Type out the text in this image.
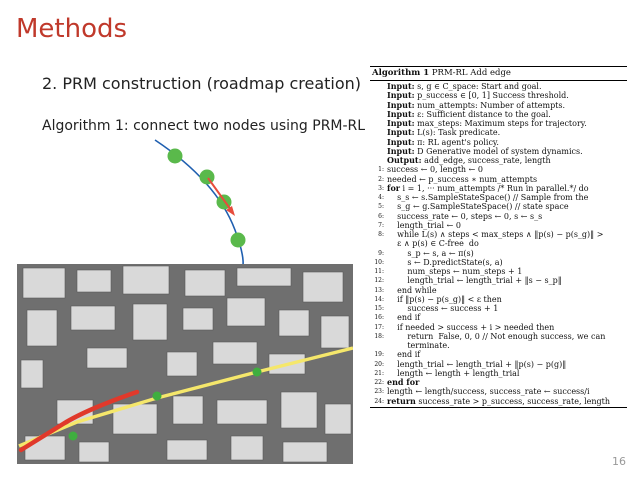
Methods
2. PRM construction (roadmap creation)
Algorithm 1: connect two nodes using PRM-RL
Algorithm 1 PRM-RL Add edge
Input: s, g ∈ C_space: Start and goal.
Input: p_success ∈ [0, 1] Success threshold.
Input: num_attempts: Number of attempts.
Input: ε: Sufficient distance to the goal.
Input: max_steps: Maximum steps for trajectory.
Input: L(s): Task predicate.
Input: π: RL agent's policy.
Input: D Generative model of system dynamics.
Output: add_edge, success_rate, length
1: success ← 0, length ← 0
2: needed ← p_success ∗ num_attempts
3: for i = 1, ··· num_attempts /* Run in parallel.*/ do
4: s_s ← s.SampleStateSpace() // Sample from the
5: s_g ← g.SampleStateSpace() // state space
6: success_rate ← 0, steps ← 0, s ← s_s
7: length_trial ← 0
8: while L(s) ∧ steps < max_steps ∧ ‖p(s) − p(s_g)‖ >
ε ∧ p(s) ∈ C-free  do
9: s_p ← s, a ← π(s)
10: s ← D.predictState(s, a)
11: num_steps ← num_steps + 1
12: length_trial ← length_trial + ‖s − s_p‖
13: end while
14: if ‖p(s) − p(s_g)‖ < ε then
15: success ← success + 1
16: end if
17: if needed > success + i > needed then
18: return  False, 0, 0 // Not enough success, we can
terminate.
19: end if
20: length_trial ← length_trial + ‖p(s) − p(g)‖
21: length ← length + length_trial
22: end for
23: length ← length/success, success_rate ← success/i
24: return success_rate > p_success, success_rate, length
16
